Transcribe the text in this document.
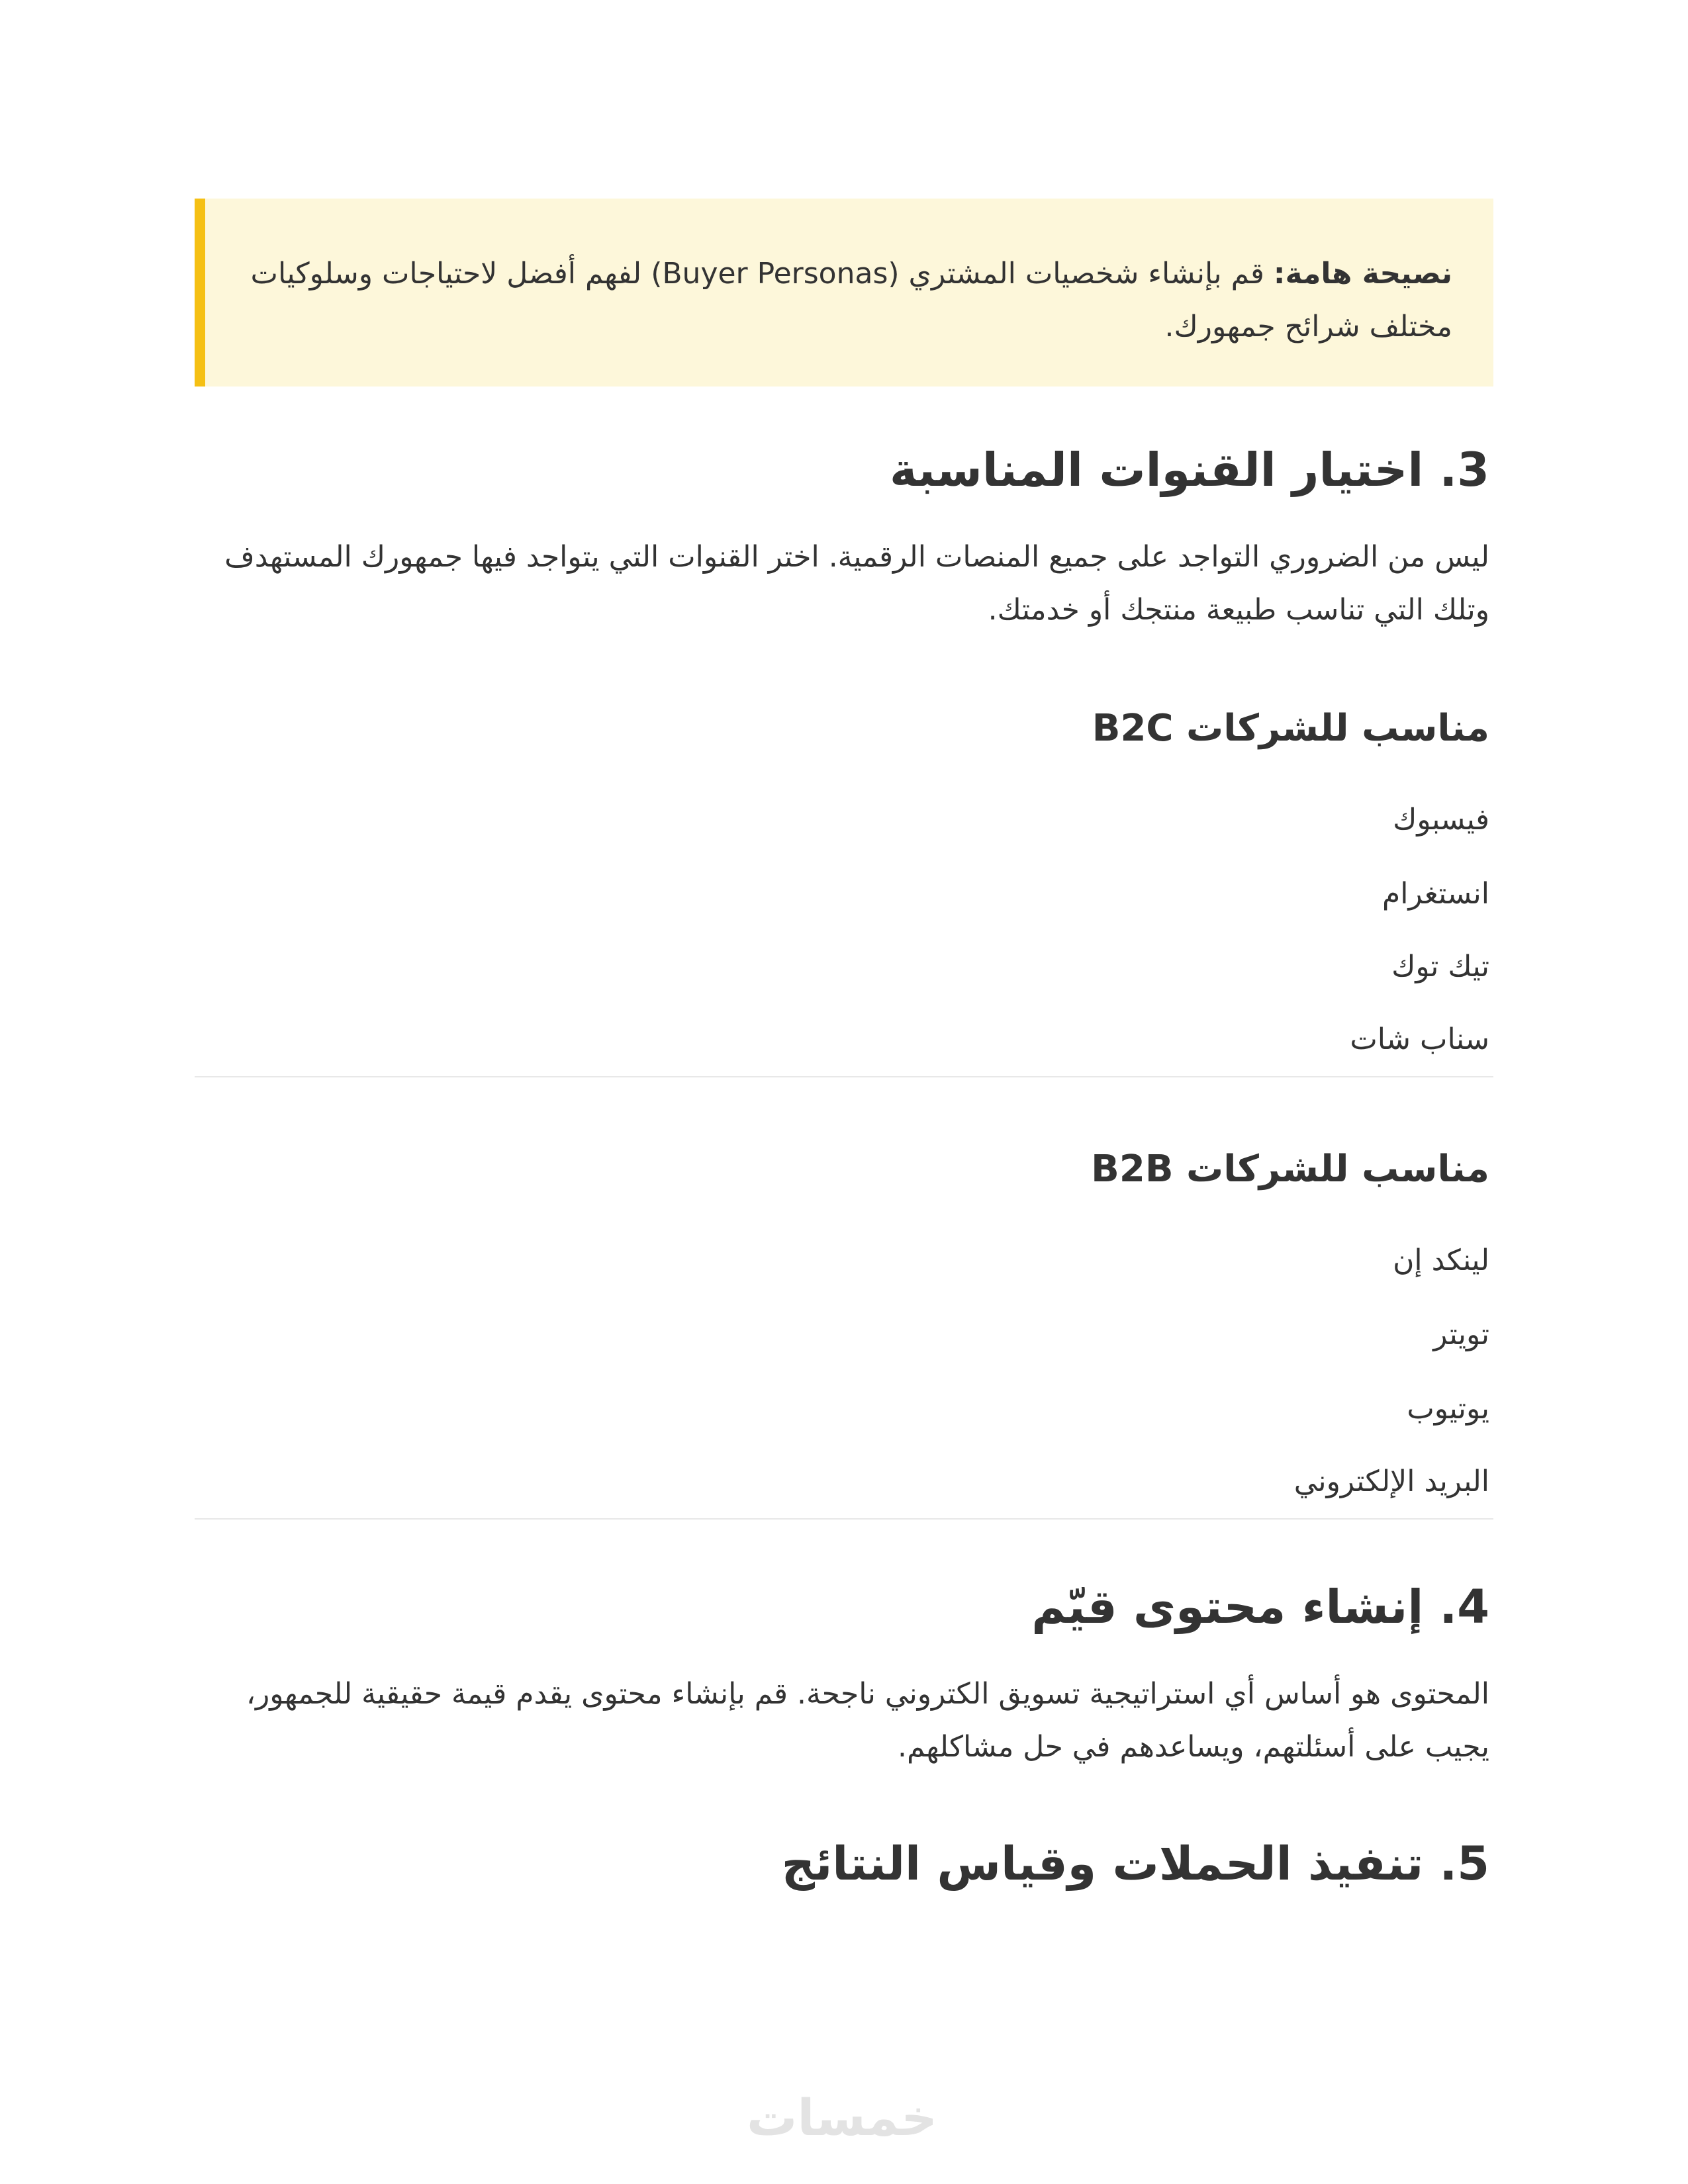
نصيحة هامة: قم بإنشاء شخصيات المشتري (Buyer Personas) لفهم أفضل لاحتياجات وسلوكيات مختلف شرائح جمهورك.

3. اختيار القنوات المناسبة

ليس من الضروري التواجد على جميع المنصات الرقمية. اختر القنوات التي يتواجد فيها جمهورك المستهدف وتلك التي تناسب طبيعة منتجك أو خدمتك.

مناسب للشركات B2C

فيسبوك

انستغرام

تيك توك

سناب شات

مناسب للشركات B2B

لينكد إن

تويتر

يوتيوب

البريد الإلكتروني

4. إنشاء محتوى قيّم

المحتوى هو أساس أي استراتيجية تسويق الكتروني ناجحة. قم بإنشاء محتوى يقدم قيمة حقيقية للجمهور، يجيب على أسئلتهم، ويساعدهم في حل مشاكلهم.

5. تنفيذ الحملات وقياس النتائج
خمسات
